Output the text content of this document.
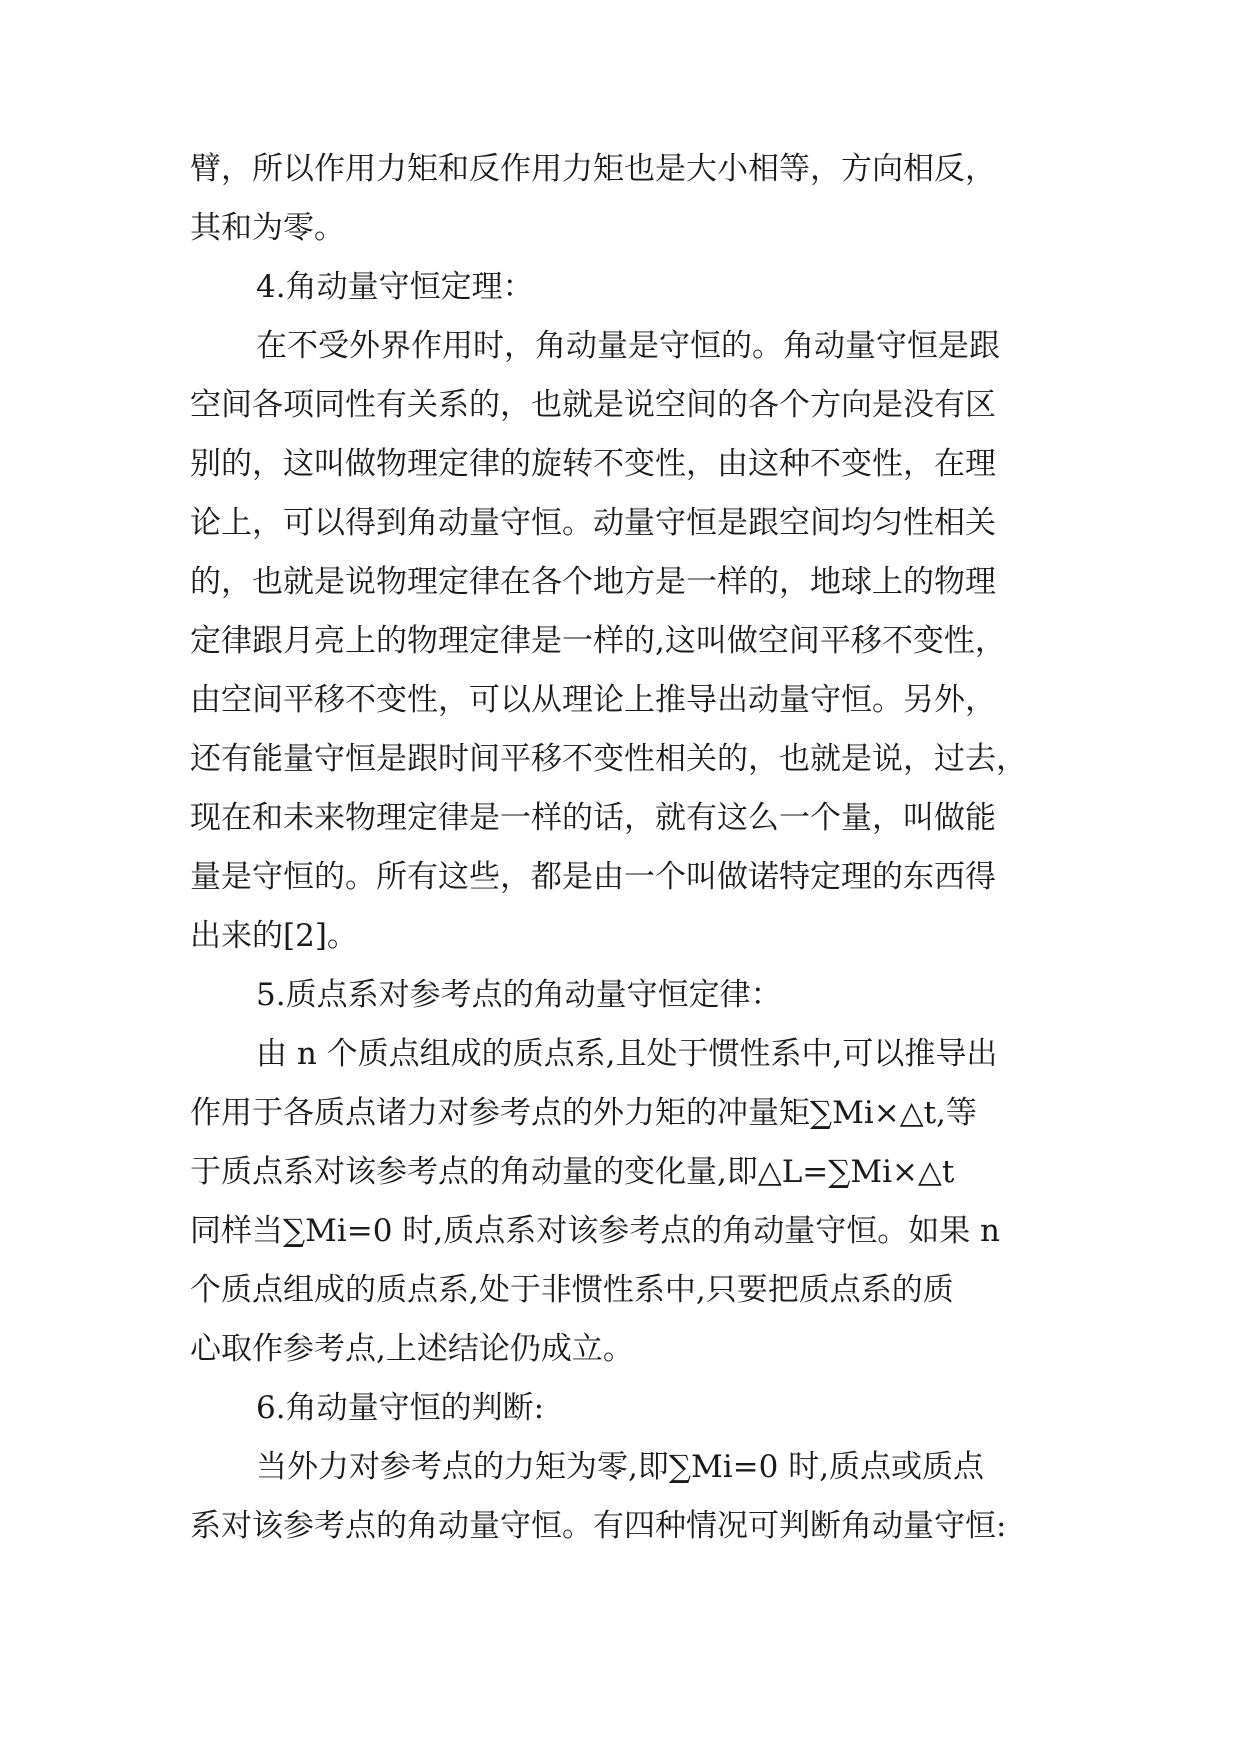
臂，所以作用力矩和反作用力矩也是大小相等，方向相反，
其和为零。
4.角动量守恒定理：
在不受外界作用时，角动量是守恒的。角动量守恒是跟
空间各项同性有关系的，也就是说空间的各个方向是没有区
别的，这叫做物理定律的旋转不变性，由这种不变性，在理
论上，可以得到角动量守恒。动量守恒是跟空间均匀性相关
的，也就是说物理定律在各个地方是一样的，地球上的物理
定律跟月亮上的物理定律是一样的,这叫做空间平移不变性，
由空间平移不变性，可以从理论上推导出动量守恒。另外，
还有能量守恒是跟时间平移不变性相关的，也就是说，过去，
现在和未来物理定律是一样的话，就有这么一个量，叫做能
量是守恒的。所有这些，都是由一个叫做诺特定理的东西得
出来的[2]。
5.质点系对参考点的角动量守恒定律：
由 n 个质点组成的质点系,且处于惯性系中,可以推导出
作用于各质点诸力对参考点的外力矩的冲量矩∑Mi×△t,等
于质点系对该参考点的角动量的变化量,即△L=∑Mi×△t
同样当∑Mi=0 时,质点系对该参考点的角动量守恒。如果 n
个质点组成的质点系,处于非惯性系中,只要把质点系的质
心取作参考点,上述结论仍成立。
6.角动量守恒的判断:
当外力对参考点的力矩为零,即∑Mi=0 时,质点或质点
系对该参考点的角动量守恒。有四种情况可判断角动量守恒:
